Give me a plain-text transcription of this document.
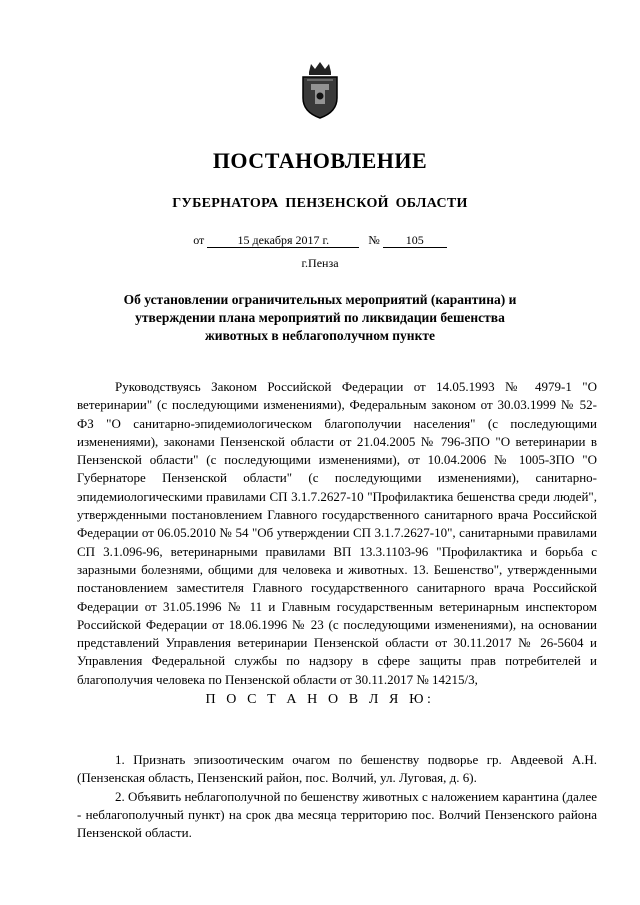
ПОСТАНОВЛЕНИЕ
ГУБЕРНАТОРА ПЕНЗЕНСКОЙ ОБЛАСТИ
от	15 декабря 2017 г.	№ 105
г.Пенза
Об установлении ограничительных мероприятий (карантина) и утверждении плана мероприятий по ликвидации бешенства животных в неблагополучном пункте

Руководствуясь Законом Российской Федерации от 14.05.1993 № 4979-1 "О ветеринарии" (с последующими изменениями), Федеральным законом от 30.03.1999 № 52-ФЗ "О санитарно-эпидемиологическом благополучии населения" (с последующими изменениями), законами Пензенской области от 21.04.2005 № 796-ЗПО "О ветеринарии в Пензенской области" (с последующими изменениями), от 10.04.2006 № 1005-ЗПО "О Губернаторе Пензенской области" (с последующими изменениями), санитарно-эпидемиологическими правилами СП 3.1.7.2627-10 "Профилактика бешенства среди людей", утвержденными постановлением Главного государственного санитарного врача Российской Федерации от 06.05.2010 № 54 "Об утверждении СП 3.1.7.2627-10", санитарными правилами СП 3.1.096-96, ветеринарными правилами ВП 13.3.1103-96 "Профилактика и борьба с заразными болезнями, общими для человека и животных. 13. Бешенство", утвержденными постановлением заместителя Главного государственного санитарного врача Российской Федерации от 31.05.1996 № 11 и Главным государственным ветеринарным инспектором Российской Федерации от 18.06.1996 № 23 (с последующими изменениями), на основании представлений Управления ветеринарии Пензенской области от 30.11.2017 № 26-5604 и Управления Федеральной службы по надзору в сфере защиты прав потребителей и благополучия человека по Пензенской области от 30.11.2017 № 14215/3,

П О С Т А Н О В Л Я Ю:

1. Признать эпизоотическим очагом по бешенству подворье гр. Авдеевой А.Н. (Пензенская область, Пензенский район, пос. Волчий, ул. Луговая, д. 6).

2. Объявить неблагополучной по бешенству животных с наложением карантина (далее - неблагополучный пункт) на срок два месяца территорию пос. Волчий Пензенского района Пензенской области.
